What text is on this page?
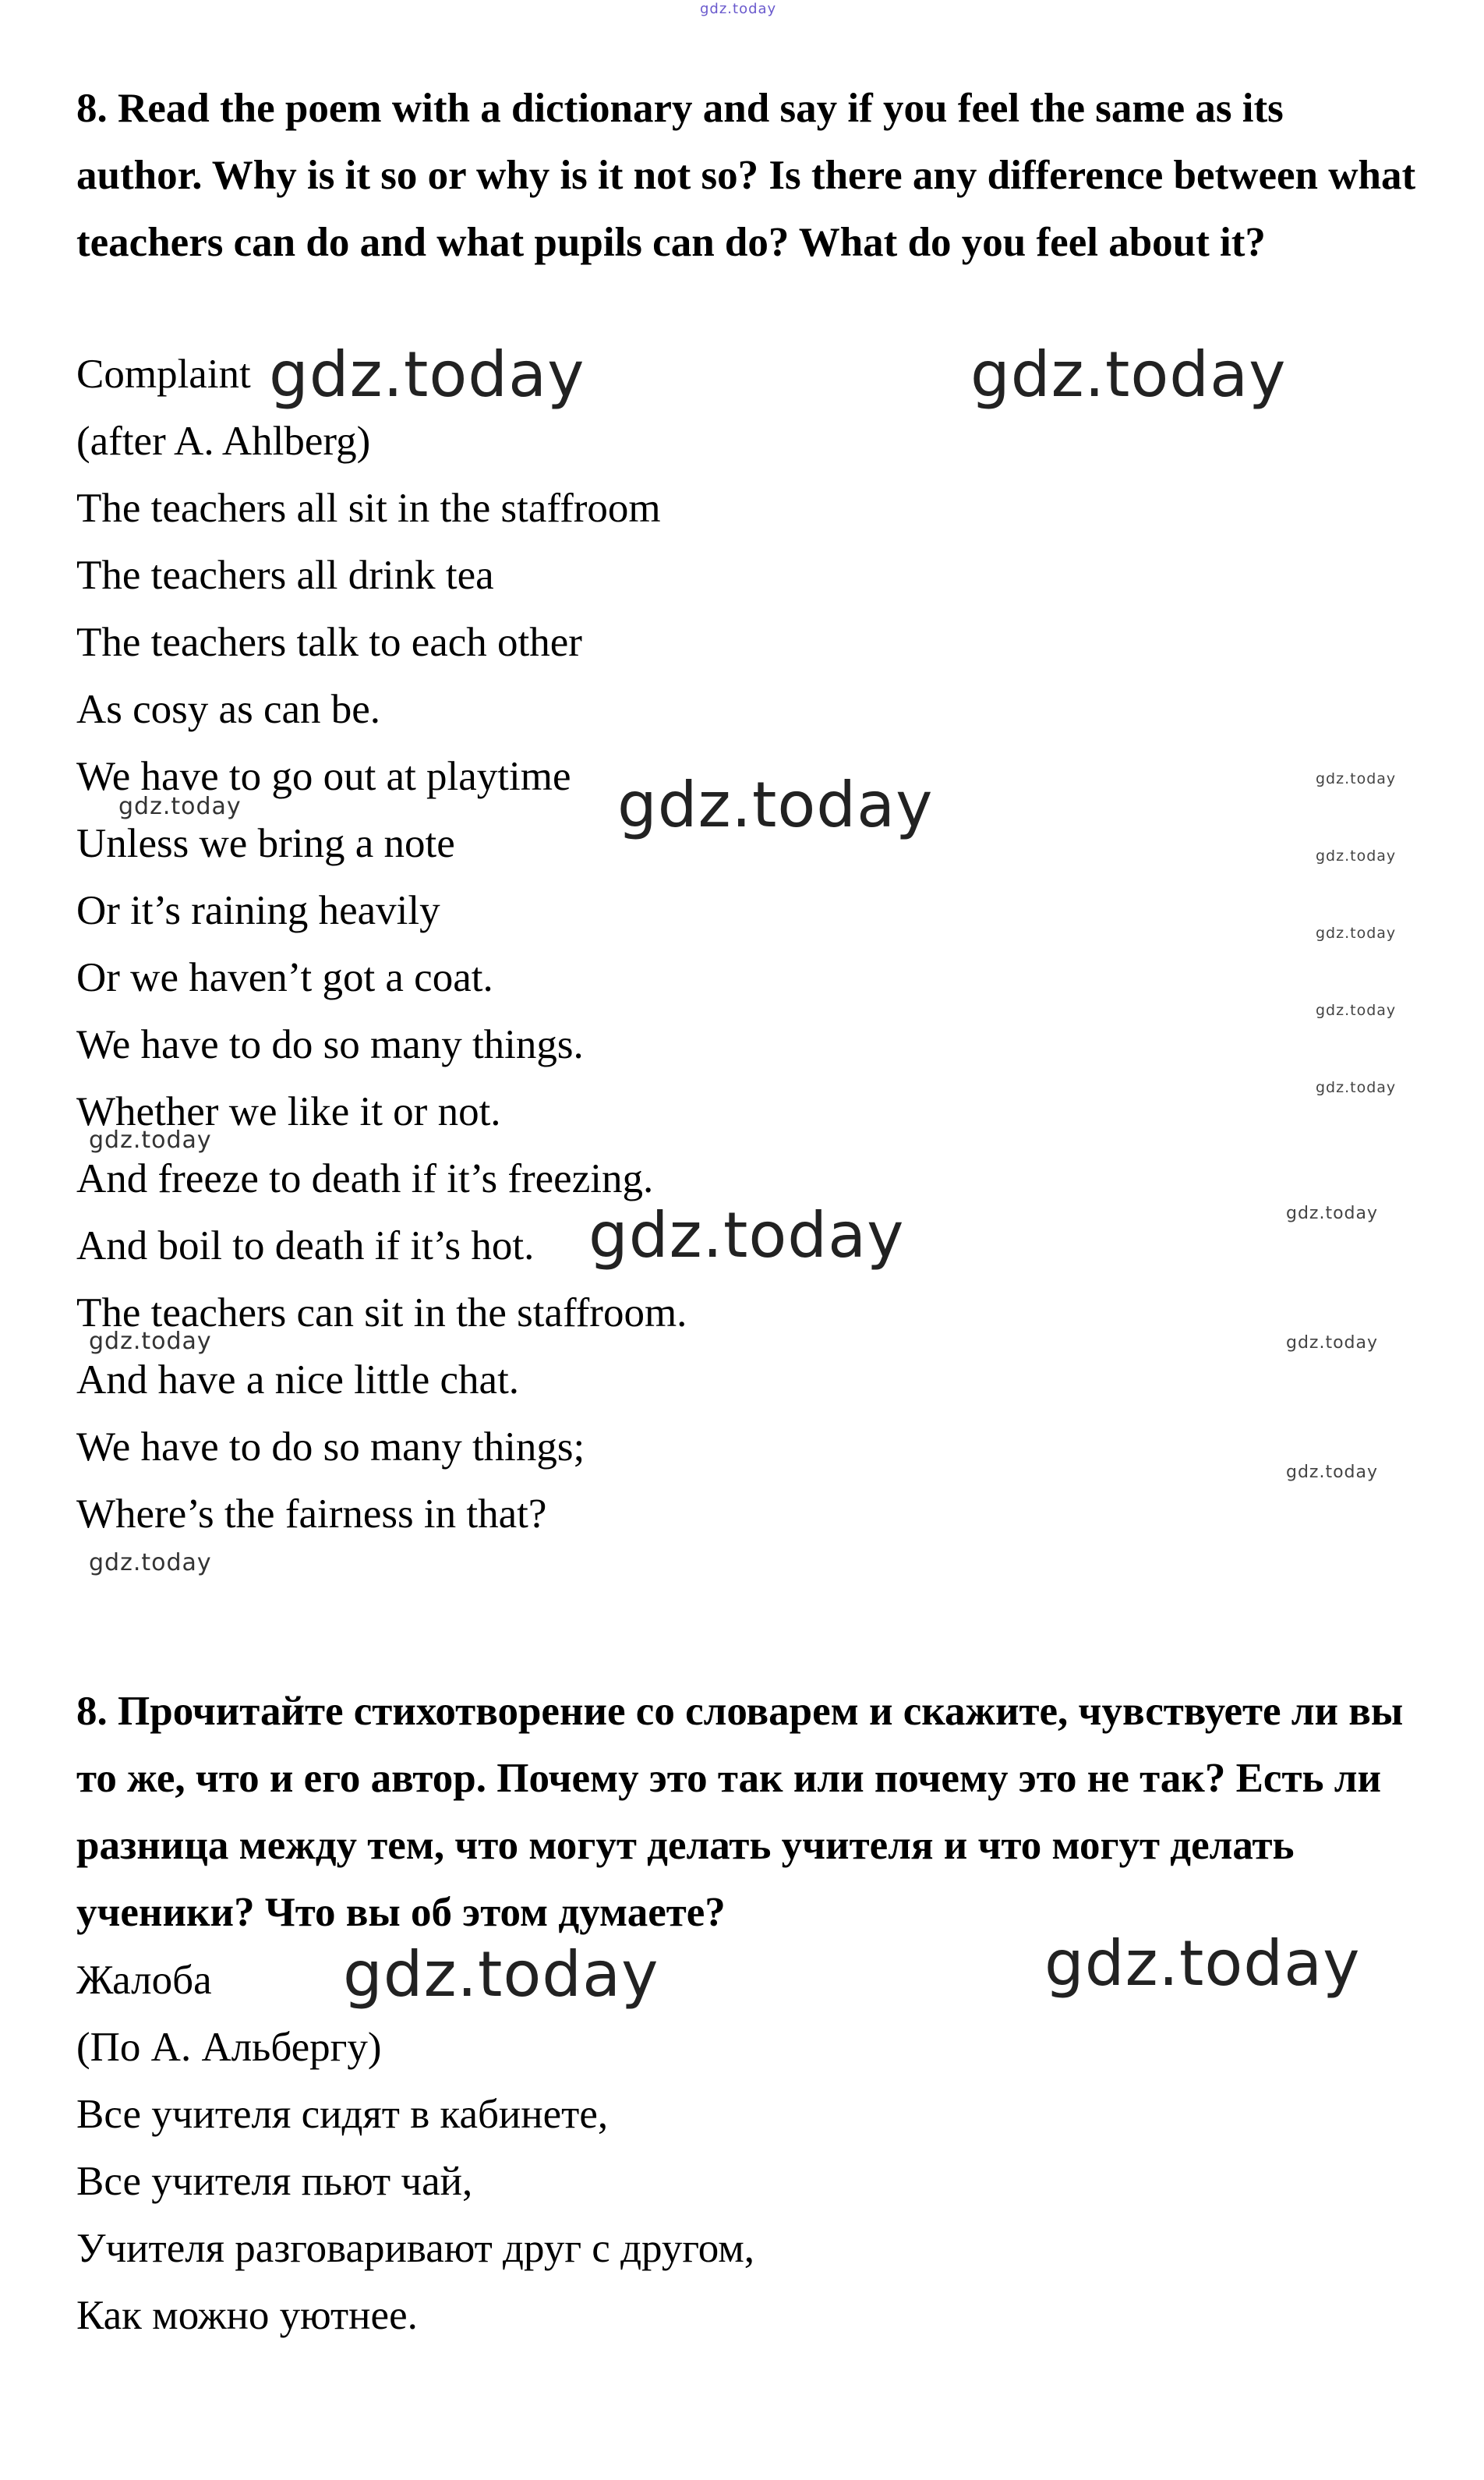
gdz.today

8. Read the poem with a dictionary and say if you feel the same as its author. Why is it so or why is it not so? Is there any difference between what teachers can do and what pupils can do? What do you feel about it?

Complaint
(after A. Ahlberg)
The teachers all sit in the staffroom
The teachers all drink tea
The teachers talk to each other
As cosy as can be.
We have to go out at playtime
Unless we bring a note
Or it’s raining heavily
Or we haven’t got a coat.
We have to do so many things.
Whether we like it or not.
And freeze to death if it’s freezing.
And boil to death if it’s hot.
The teachers can sit in the staffroom.
And have a nice little chat.
We have to do so many things;
Where’s the fairness in that?

8. Прочитайте стихотворение со словарем и скажите, чувствуете ли вы то же, что и его автор. Почему это так или почему это не так? Есть ли разница между тем, что могут делать учителя и что могут делать ученики? Что вы об этом думаете?

Жалоба
(По А. Альбергу)
Все учителя сидят в кабинете,
Все учителя пьют чай,
Учителя разговаривают друг с другом,
Как можно уютнее.
gdz.today	gdz.today
gdz.today
gdz.today
gdz.today	gdz.today
gdz.today
gdz.today
gdz.today
gdz.today
gdz.today
gdz.today
gdz.today
gdz.today
gdz.today
gdz.today
gdz.today
gdz.today
